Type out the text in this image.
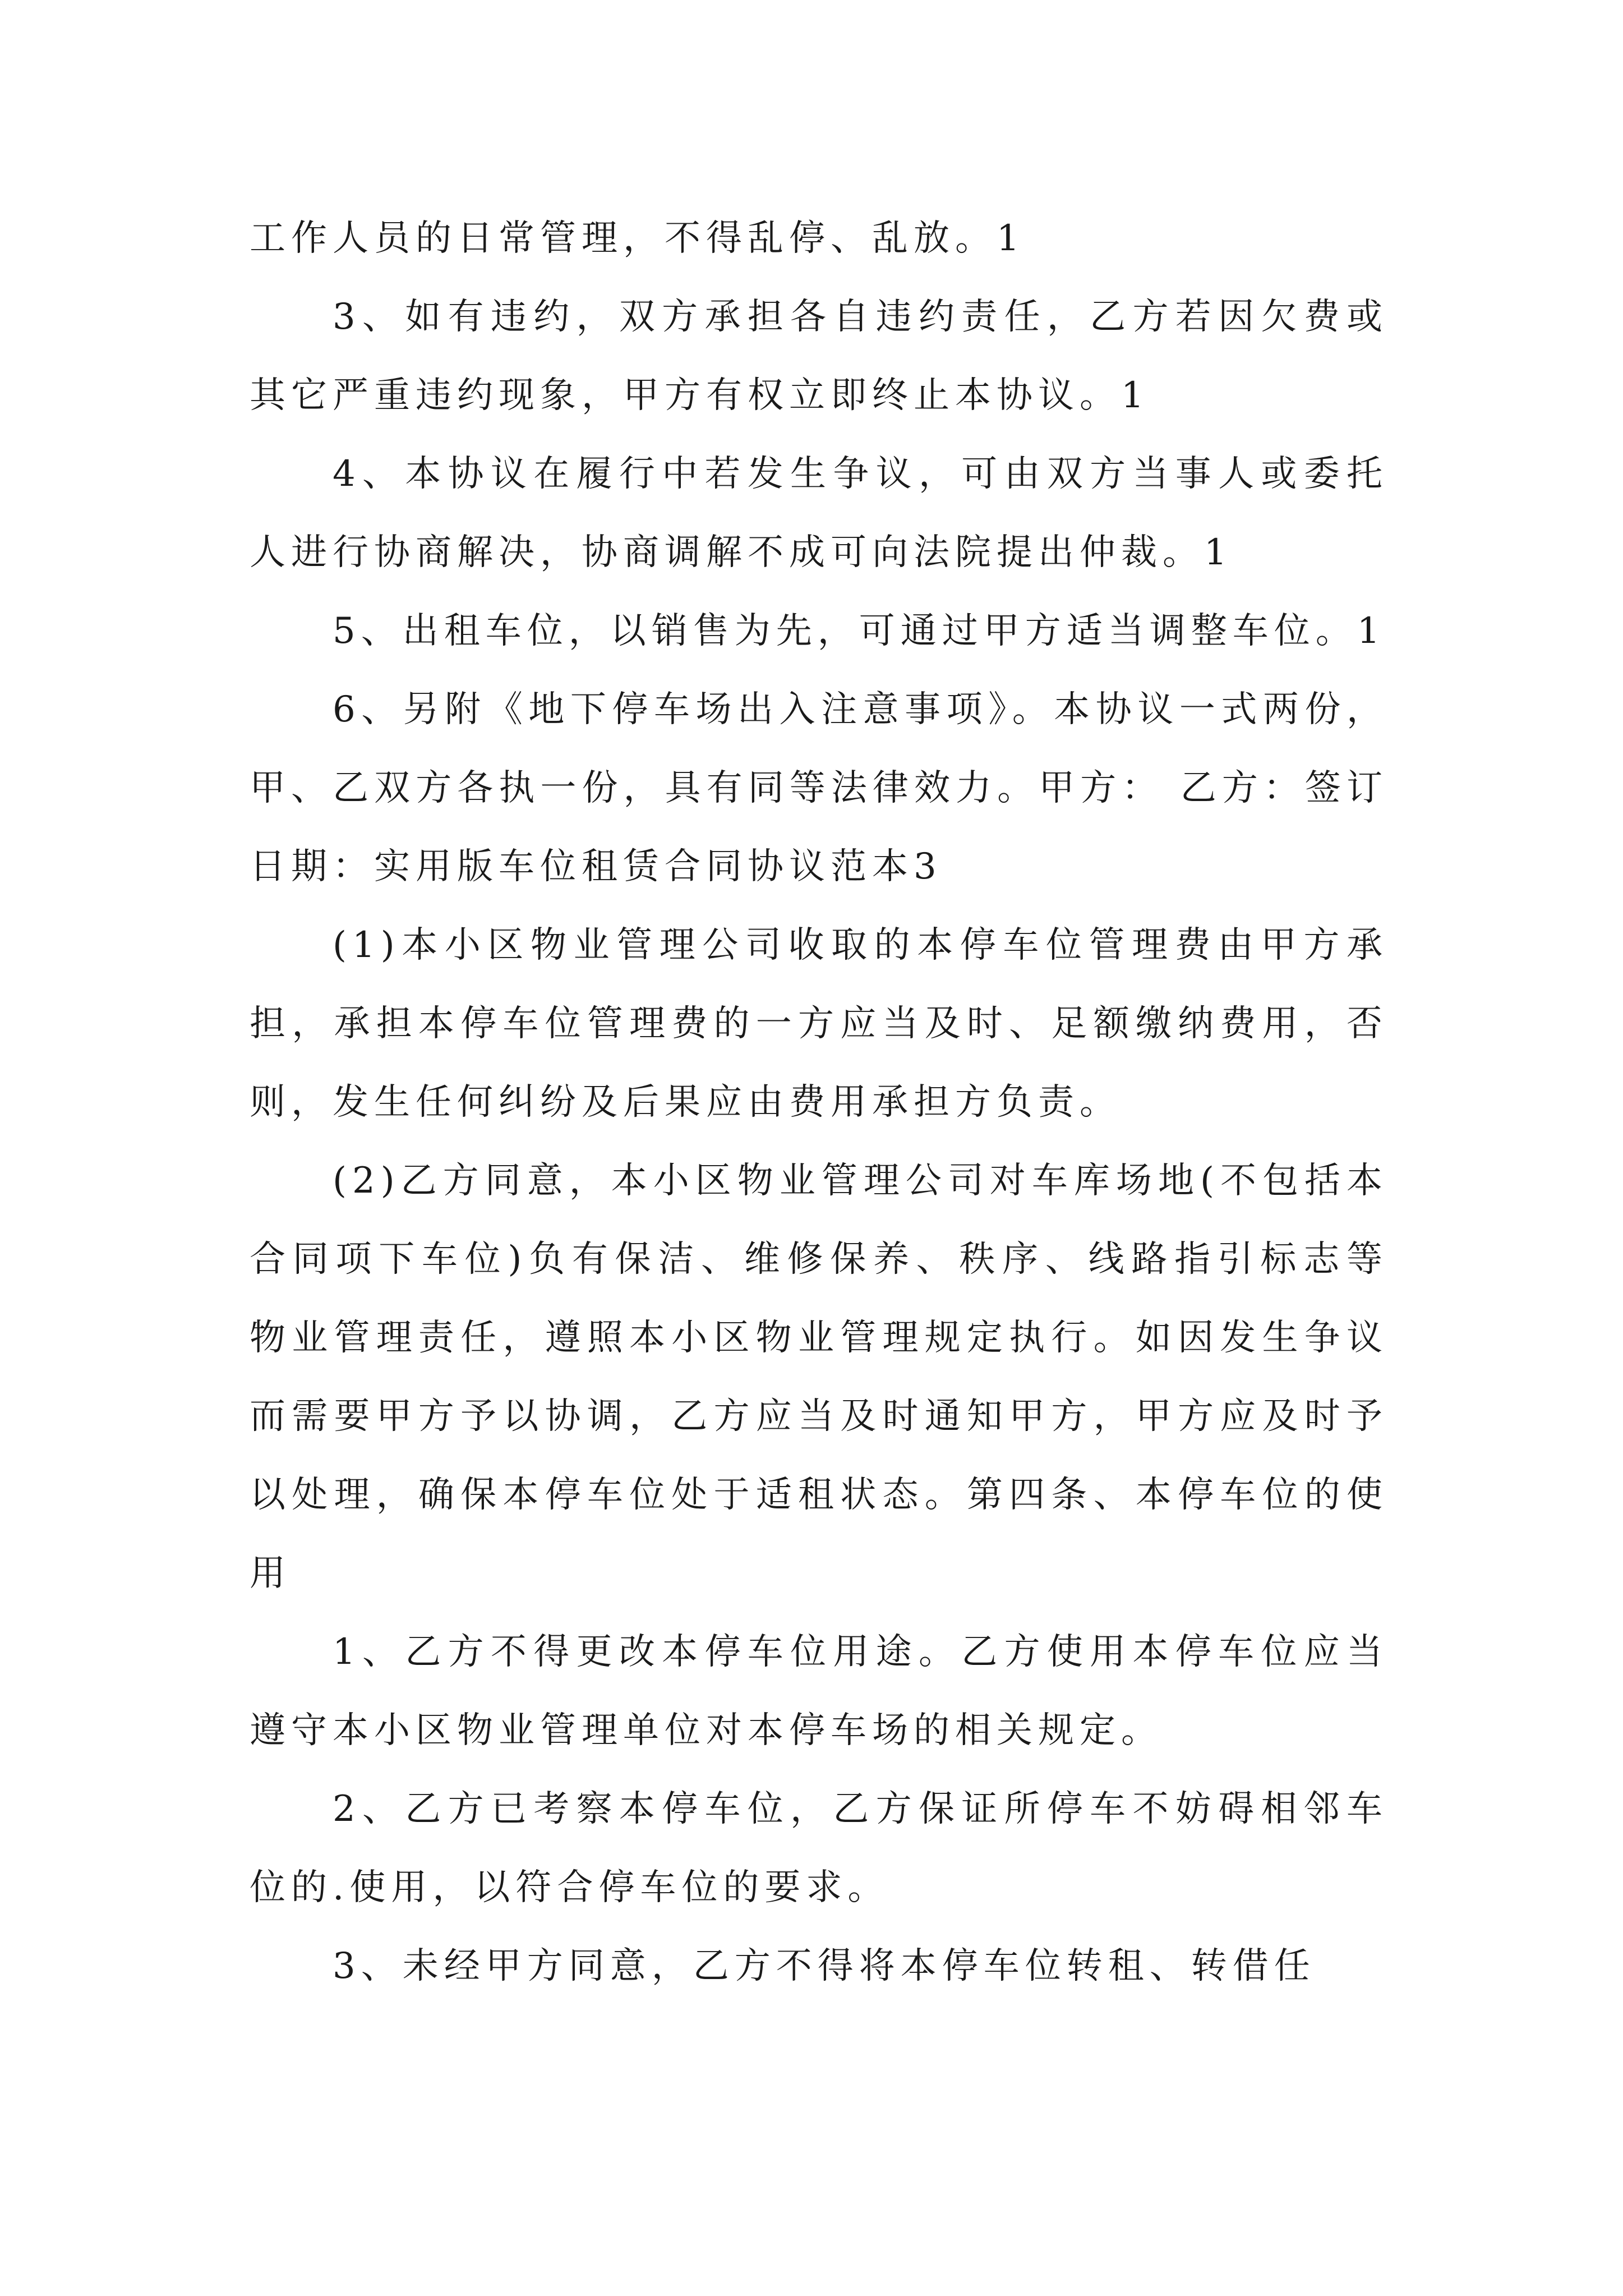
工作人员的日常管理，不得乱停、乱放。1

3、如有违约，双方承担各自违约责任，乙方若因欠费或其它严重违约现象，甲方有权立即终止本协议。1

4、本协议在履行中若发生争议，可由双方当事人或委托人进行协商解决，协商调解不成可向法院提出仲裁。1

5、出租车位，以销售为先，可通过甲方适当调整车位。1

6、另附《地下停车场出入注意事项》。本协议一式两份，甲、乙双方各执一份，具有同等法律效力。甲方： 乙方：签订日期：实用版车位租赁合同协议范本3

(1)本小区物业管理公司收取的本停车位管理费由甲方承担，承担本停车位管理费的一方应当及时、足额缴纳费用，否则，发生任何纠纷及后果应由费用承担方负责。

(2)乙方同意，本小区物业管理公司对车库场地(不包括本合同项下车位)负有保洁、维修保养、秩序、线路指引标志等物业管理责任，遵照本小区物业管理规定执行。如因发生争议而需要甲方予以协调，乙方应当及时通知甲方，甲方应及时予以处理，确保本停车位处于适租状态。第四条、本停车位的使用

1、乙方不得更改本停车位用途。乙方使用本停车位应当遵守本小区物业管理单位对本停车场的相关规定。

2、乙方已考察本停车位，乙方保证所停车不妨碍相邻车位的.使用，以符合停车位的要求。

3、未经甲方同意，乙方不得将本停车位转租、转借任
